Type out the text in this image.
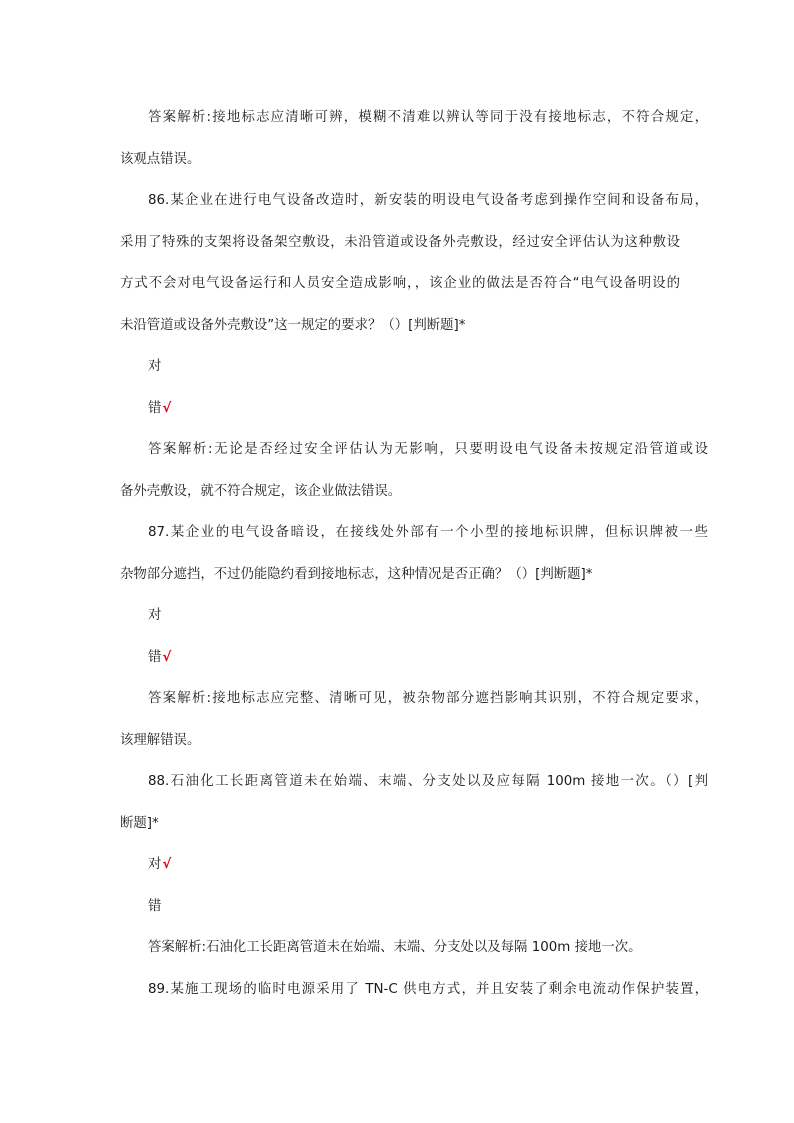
答案解析:接地标志应清晰可辨，模糊不清难以辨认等同于没有接地标志，不符合规定，
该观点错误。
86.某企业在进行电气设备改造时，新安装的明设电气设备考虑到操作空间和设备布局，
采用了特殊的支架将设备架空敷设，未沿管道或设备外壳敷设，经过安全评估认为这种敷设
方式不会对电气设备运行和人员安全造成影响，，该企业的做法是否符合“电气设备明设的
未沿管道或设备外壳敷设”这一规定的要求？（）[判断题]*
对
错√
答案解析:无论是否经过安全评估认为无影响，只要明设电气设备未按规定沿管道或设
备外壳敷设，就不符合规定，该企业做法错误。
87.某企业的电气设备暗设，在接线处外部有一个小型的接地标识牌，但标识牌被一些
杂物部分遮挡，不过仍能隐约看到接地标志，这种情况是否正确？（）[判断题]*
对
错√
答案解析:接地标志应完整、清晰可见，被杂物部分遮挡影响其识别，不符合规定要求，
该理解错误。
88.石油化工长距离管道未在始端、末端、分支处以及应每隔 100m 接地一次。（）[判
断题]*
对√
错
答案解析:石油化工长距离管道未在始端、末端、分支处以及每隔 100m 接地一次。
89.某施工现场的临时电源采用了 TN-C 供电方式，并且安装了剩余电流动作保护装置，
